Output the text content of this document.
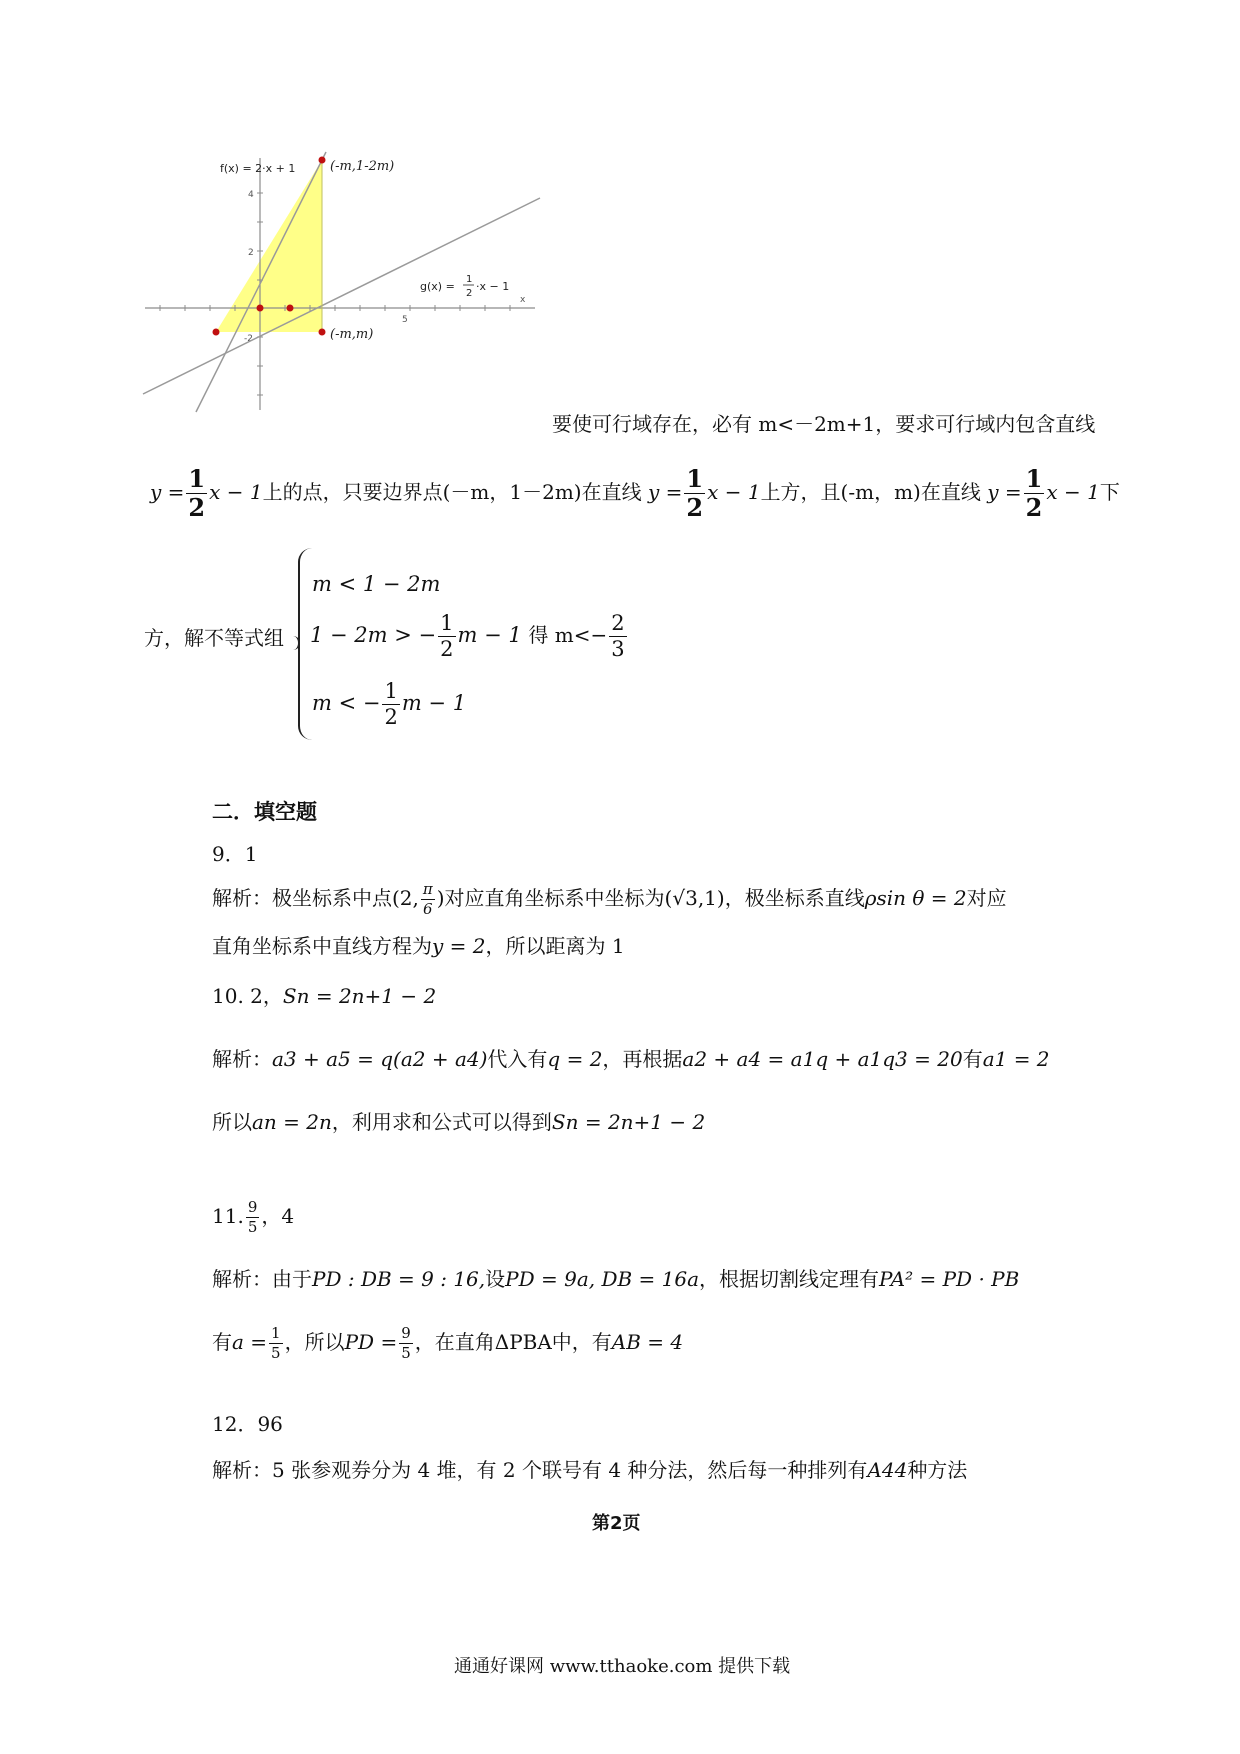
4
2
-2
5
x
f(x) = 2·x + 1	(-m,1-2m)
(-m,m)
g(x) =
1
2
·x − 1
要使可行域存在，必有 m<－2m+1，要求可行域内包含直线
$y = \frac{1}{2}$ x − 1上的点，只要边界点(－m，1－2m)在直线 $y = \frac{1}{2}$ x − 1上方，且(-m，m)在直线 $y = \frac{1}{2}$ x − 1下
方，解不等式组
m < 1 − 2m
1 − 2m > − $\frac{1}{2}$ m − 1 得 $m<- \frac{2}{3}$
m < − $\frac{1}{2}$ m − 1
二．填空题
9．1
解析：极坐标系中点(2, $\frac{\pi}{6}$ )对应直角坐标系中坐标为(√3,1)，极坐标系直线ρsin θ = 2对应
直角坐标系中直线方程为y = 2，所以距离为 1
10. 2，Sn = 2n+1 − 2
解析：a3 + a5 = q(a2 + a4)代入有q = 2，再根据a2 + a4 = a1q + a1q3 = 20有a1 = 2
所以an = 2n，利用求和公式可以得到Sn = 2n+1 − 2
11. $\frac{9}{5}$ ，4
解析：由于PD : DB = 9 : 16,设PD = 9a, DB = 16a，根据切割线定理有PA² = PD · PB
有$a = \frac{1}{5}$ ，所以PD = $\frac{9}{5}$ ，在直角ΔPBA中，有AB = 4
12．96
解析：5 张参观券分为 4 堆，有 2 个联号有 4 种分法，然后每一种排列有A44种方法
第2页
通通好课网 www.tthaoke.com 提供下载
